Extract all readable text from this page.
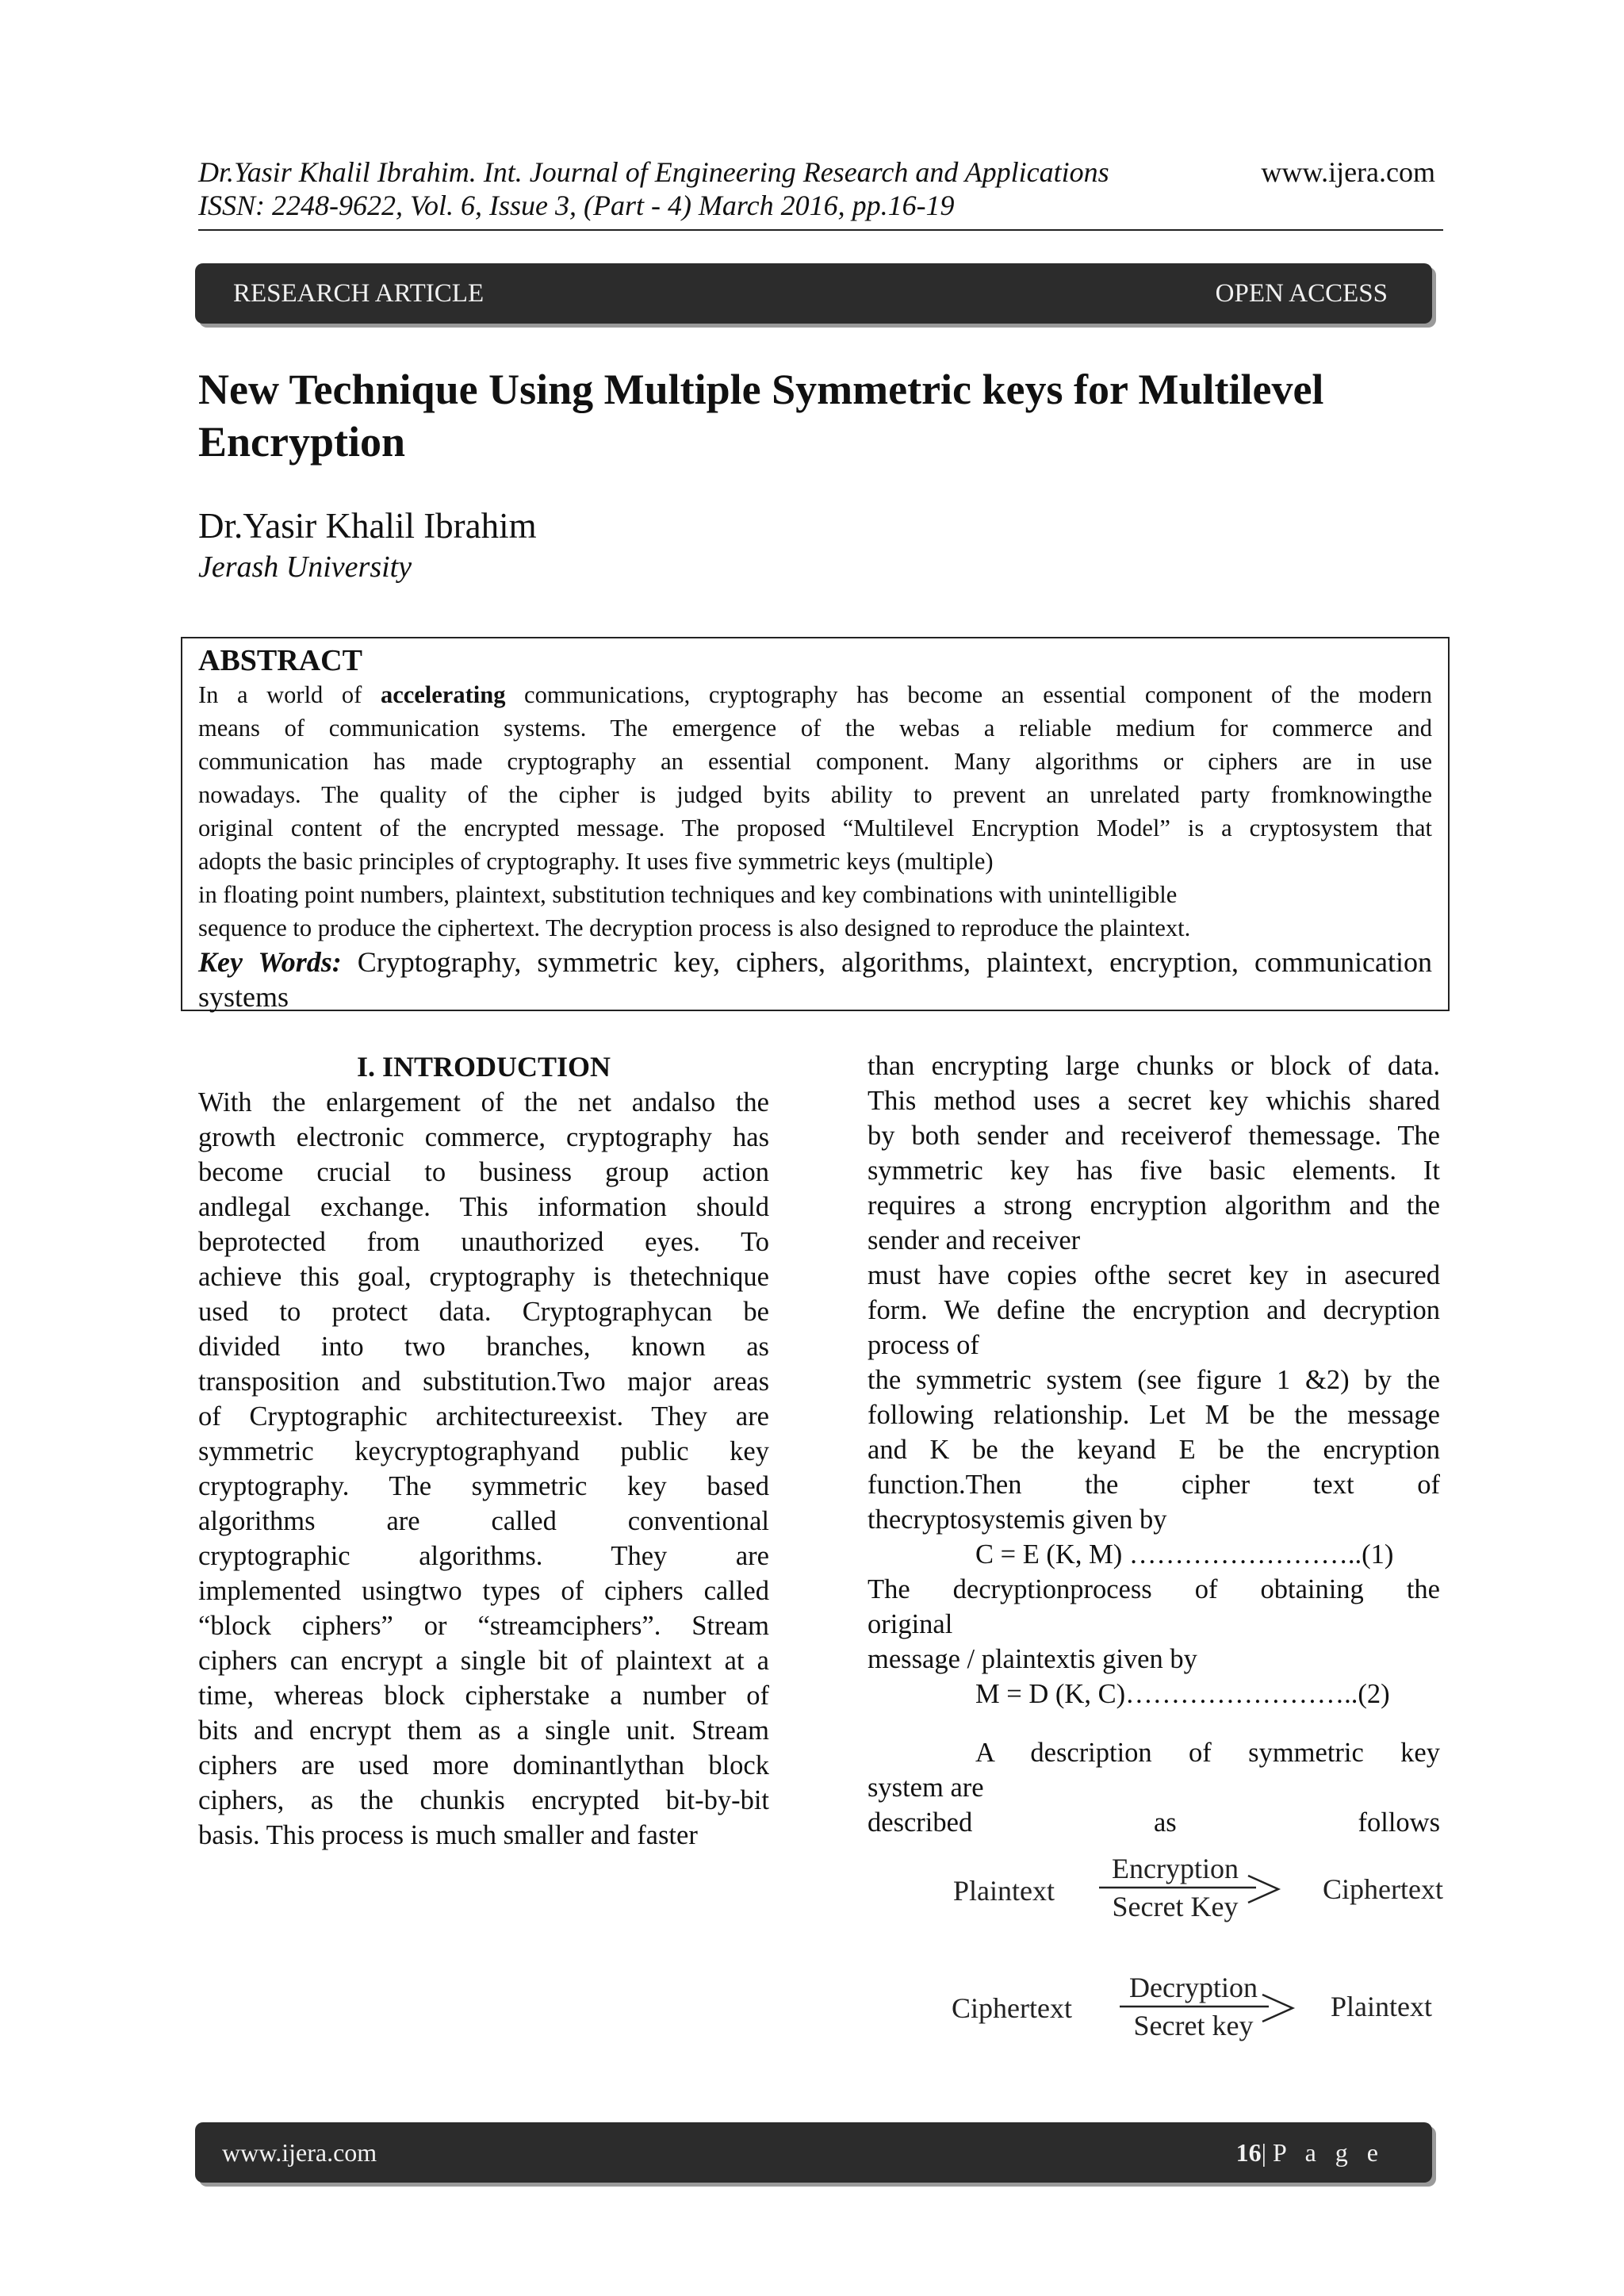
Dr.Yasir Khalil Ibrahim. Int. Journal of Engineering Research and Applications
ISSN: 2248-9622, Vol. 6, Issue 3, (Part - 4) March 2016, pp.16-19
www.ijera.com
RESEARCH ARTICLE	OPEN ACCESS
New Technique Using Multiple Symmetric keys for Multilevel Encryption
Dr.Yasir Khalil Ibrahim
Jerash University
ABSTRACT

In a world of accelerating communications, cryptography has become an essential component of the modern

means of communication systems. The emergence of the webas a reliable medium for commerce and

communication has made cryptography an essential component. Many algorithms or ciphers are in use

nowadays. The quality of the cipher is judged byits ability to prevent an unrelated party fromknowingthe

original content of the encrypted message. The proposed “Multilevel Encryption Model” is a cryptosystem that

adopts the basic principles of cryptography. It uses five symmetric keys (multiple)

in floating point numbers, plaintext, substitution techniques and key combinations with unintelligible

sequence to produce the ciphertext. The decryption process is also designed to reproduce the plaintext.

Key Words: Cryptography, symmetric key, ciphers, algorithms, plaintext, encryption, communication

systems

I. INTRODUCTION

With the enlargement of the net andalso the

growth electronic commerce, cryptography has

become crucial to business group action

andlegal exchange. This information should

beprotected from unauthorized eyes. To

achieve this goal, cryptography is thetechnique

used to protect data. Cryptographycan be

divided into two branches, known as

transposition and substitution.Two major areas

of Cryptographic architectureexist. They are

symmetric keycryptographyand public key

cryptography. The symmetric key based

algorithms are called conventional

cryptographic algorithms. They are

implemented usingtwo types of ciphers called

“block ciphers” or “streamciphers”. Stream

ciphers can encrypt a single bit of plaintext at a

time, whereas block cipherstake a number of

bits and encrypt them as a single unit. Stream

ciphers are used more dominantlythan block

ciphers, as the chunkis encrypted bit-by-bit

basis. This process is much smaller and faster

than encrypting large chunks or block of data.

This method uses a secret key whichis shared

by both sender and receiverof themessage. The

symmetric key has five basic elements. It

requires a strong encryption algorithm and the

sender and receiver

must have copies ofthe secret key in asecured

form. We define the encryption and decryption

process of

the symmetric system (see figure 1 &2) by the

following relationship. Let M be the message

and K be the keyand E be the encryption

function.Then the cipher text of

thecryptosystemis given by

C = E (K, M) ……………………..(1)

The decryptionprocess of obtaining the

original

message / plaintextis given by

M = D (K, C)……………………..(2)

A description of symmetric key

system are

described as follows

Plaintext
Encryption
Secret Key
Ciphertext
Ciphertext
Decryption
Secret key
Plaintext
www.ijera.com	16|P a g e
